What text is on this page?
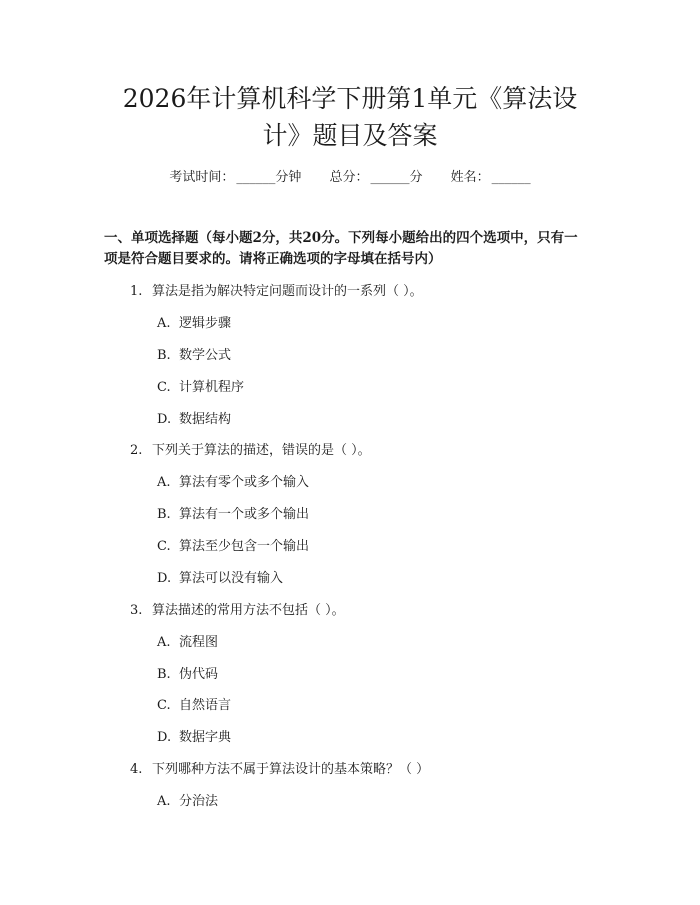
2026年计算机科学下册第1单元《算法设
计》题目及答案
考试时间： ______分钟 总分： ______分 姓名： ______
一、单项选择题（每小题2分，共20分。下列每小题给出的四个选项中，只有一
项是符合题目要求的。请将正确选项的字母填在括号内）
1. 算法是指为解决特定问题而设计的一系列（ ）。
A. 逻辑步骤
B. 数学公式
C. 计算机程序
D. 数据结构
2. 下列关于算法的描述，错误的是（ ）。
A. 算法有零个或多个输入
B. 算法有一个或多个输出
C. 算法至少包含一个输出
D. 算法可以没有输入
3. 算法描述的常用方法不包括（ ）。
A. 流程图
B. 伪代码
C. 自然语言
D. 数据字典
4. 下列哪种方法不属于算法设计的基本策略？（ ）
A. 分治法
